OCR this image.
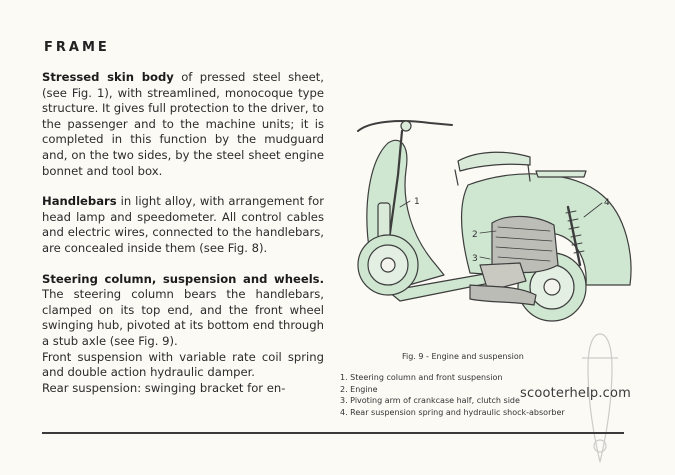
FRAME

Stressed skin body of pressed steel sheet, (see Fig. 1), with streamlined, monocoque type structure. It gives full protection to the driver, to the passenger and to the machine units; it is completed in this function by the mudguard and, on the two sides, by the steel sheet engine bonnet and tool box.

Handlebars in light alloy, with arrangement for head lamp and speedometer. All control cables and electric wires, connected to the handlebars, are concealed inside them (see Fig. 8).

Steering column, suspension and wheels. The steering column bears the handlebars, clamped on its top end, and the front wheel swinging hub, pivoted at its bottom end through a stub axle (see Fig. 9).

Front suspension with variable rate coil spring and double action hydraulic damper.

Rear suspension: swinging bracket for en-

1
2
3
4
Fig. 9 - Engine and suspension
1. Steering column and front suspension
2. Engine
3. Pivoting arm of crankcase half, clutch side
4. Rear suspension spring and hydraulic shock-absorber
scooterhelp.com
